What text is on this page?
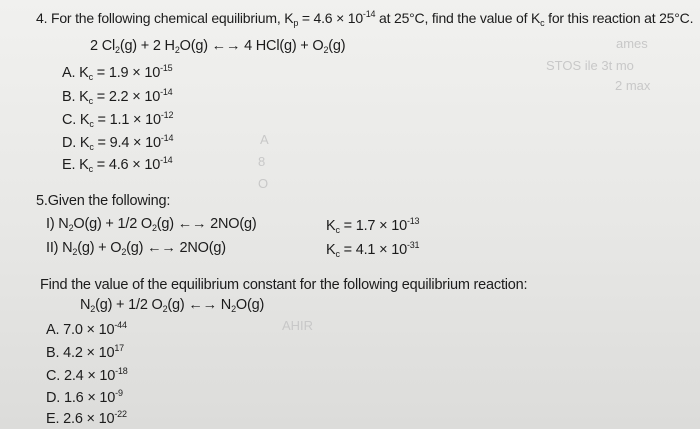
ames
STOS ile 3t mo
2 max
A
8
O
AHIR
4. For the following chemical equilibrium, $K_p = 4.6 \times 10^{-14}$ at 25°C, find the value of $K_c$ for this reaction at 25°C.
2 $Cl_2(g) + 2$ $H_2O(g)$ ←→ 4 $HCl(g) + O_2(g)$
A. $K_c = 1.9 \times 10^{-15}$
B. $K_c = 2.2 \times 10^{-14}$
C. $K_c = 1.1 \times 10^{-12}$
D. $K_c = 9.4 \times 10^{-14}$
E. $K_c = 4.6 \times 10^{-14}$
5.Given the following:
I) $N_2O(g) + 1/2$ $O_2(g)$ ←→ 2NO(g)	$K_c = 1.7 \times 10^{-13}$
II) $N_2(g) + O_2(g)$ ←→ 2NO(g)	$K_c = 4.1 \times 10^{-31}$
Find the value of the equilibrium constant for the following equilibrium reaction:
$N_2(g) + 1/2$ $O_2(g)$ ←→ $N_2O(g)$
A. $7.0 \times 10^{-44}$
B. $4.2 \times 10^{17}$
C. $2.4 \times 10^{-18}$
D. $1.6 \times 10^{-9}$
E. $2.6 \times 10^{-22}$
